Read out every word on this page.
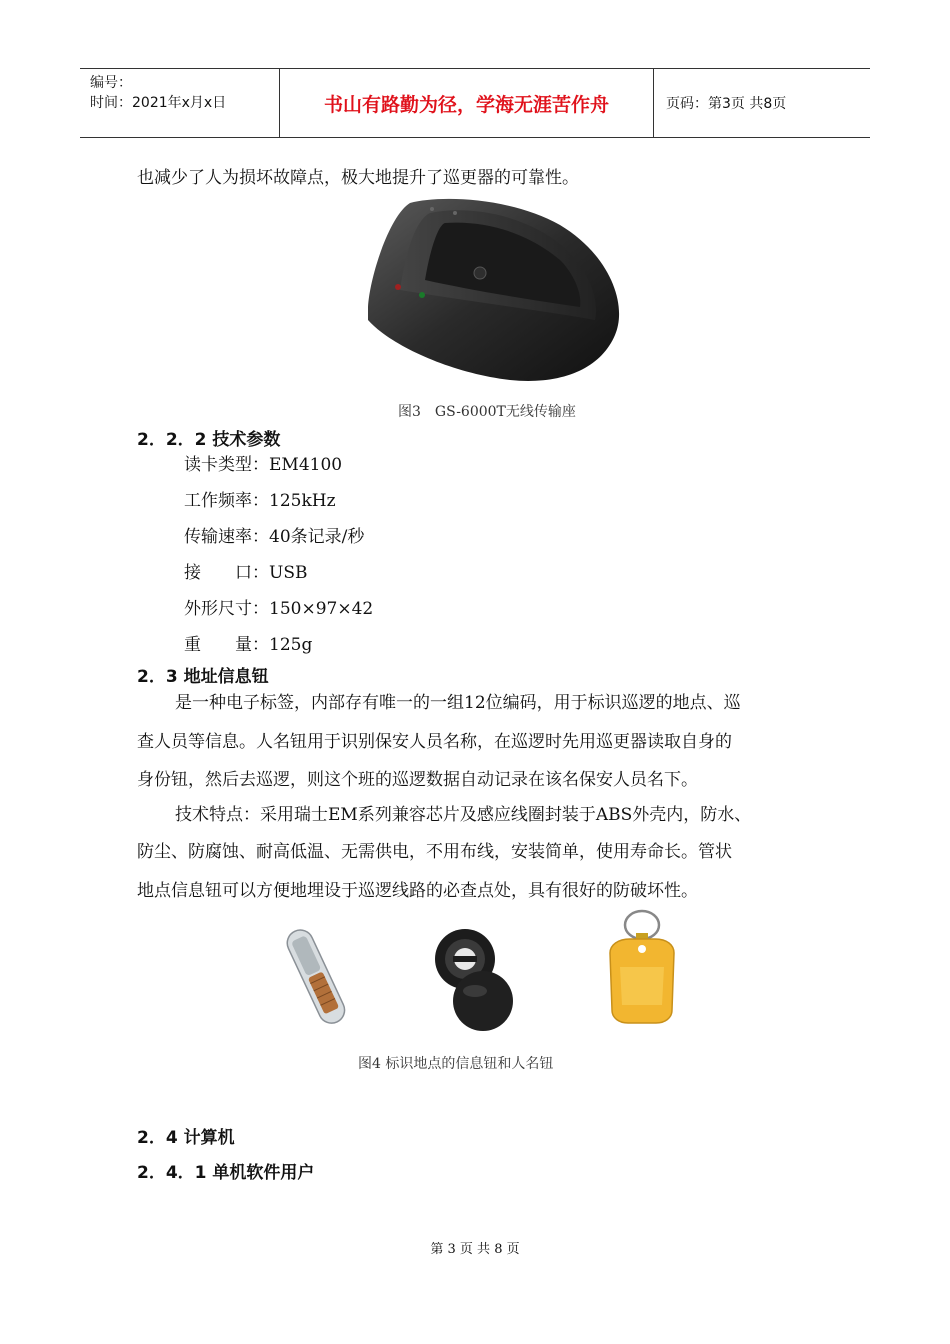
编号：
时间：2021年x月x日	书山有路勤为径，学海无涯苦作舟	页码：第3页 共8页
也减少了人为损坏故障点，极大地提升了巡更器的可靠性。
图3　GS-6000T无线传输座
2．2．2 技术参数
读卡类型：EM4100
工作频率：125kHz
传输速率：40条记录/秒
接　　口：USB
外形尺寸：150×97×42
重　　量：125g
2．3 地址信息钮
是一种电子标签，内部存有唯一的一组12位编码，用于标识巡逻的地点、巡
查人员等信息。人名钮用于识别保安人员名称，在巡逻时先用巡更器读取自身的
身份钮，然后去巡逻，则这个班的巡逻数据自动记录在该名保安人员名下。
技术特点：采用瑞士EM系列兼容芯片及感应线圈封装于ABS外壳内，防水、
防尘、防腐蚀、耐高低温、无需供电，不用布线，安装简单，使用寿命长。管状
地点信息钮可以方便地埋设于巡逻线路的必查点处，具有很好的防破坏性。
图4 标识地点的信息钮和人名钮
2．4 计算机
2．4．1 单机软件用户
第 3 页 共 8 页
